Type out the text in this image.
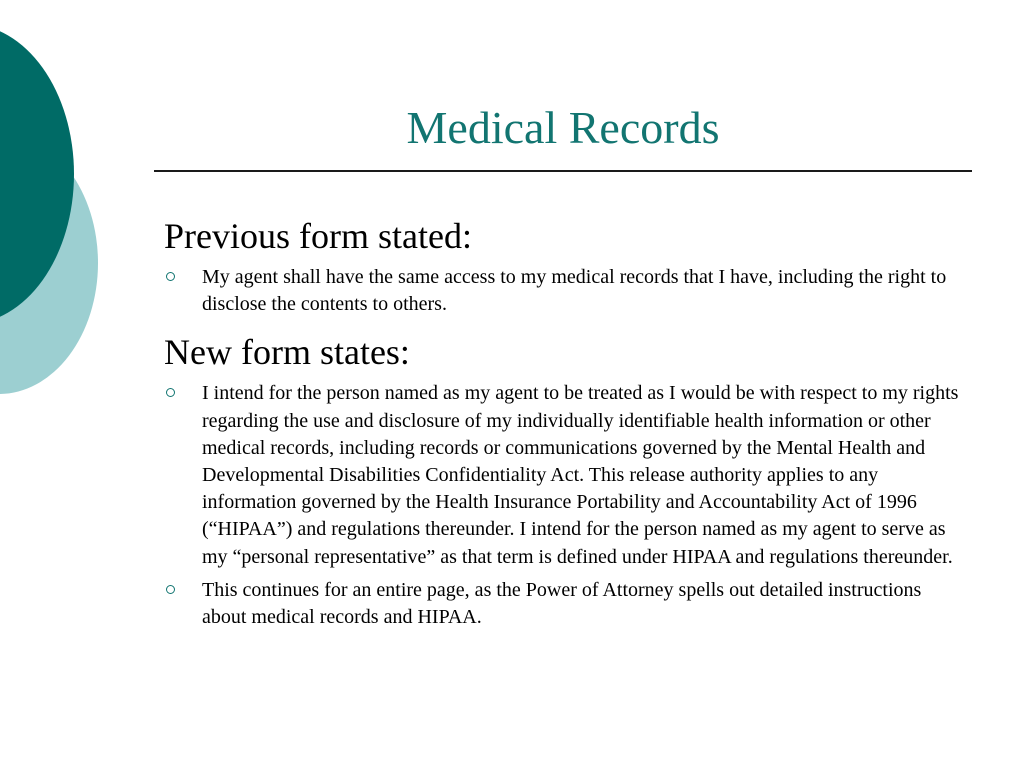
Medical Records
Previous form stated:
My agent shall have the same access to my medical records that I have, including the right to disclose the contents to others.
New form states:
I intend for the person named as my agent to be treated as I would be with respect to my rights regarding the use and disclosure of my individually identifiable health information or other medical records, including records or communications governed by the Mental Health and Developmental Disabilities Confidentiality Act. This release authority applies to any information governed by the Health Insurance Portability and Accountability Act of 1996 (“HIPAA”) and regulations thereunder. I intend for the person named as my agent to serve as my “personal representative” as that term is defined under HIPAA and regulations thereunder.
This continues for an entire page, as the Power of Attorney spells out detailed instructions about medical records and HIPAA.
